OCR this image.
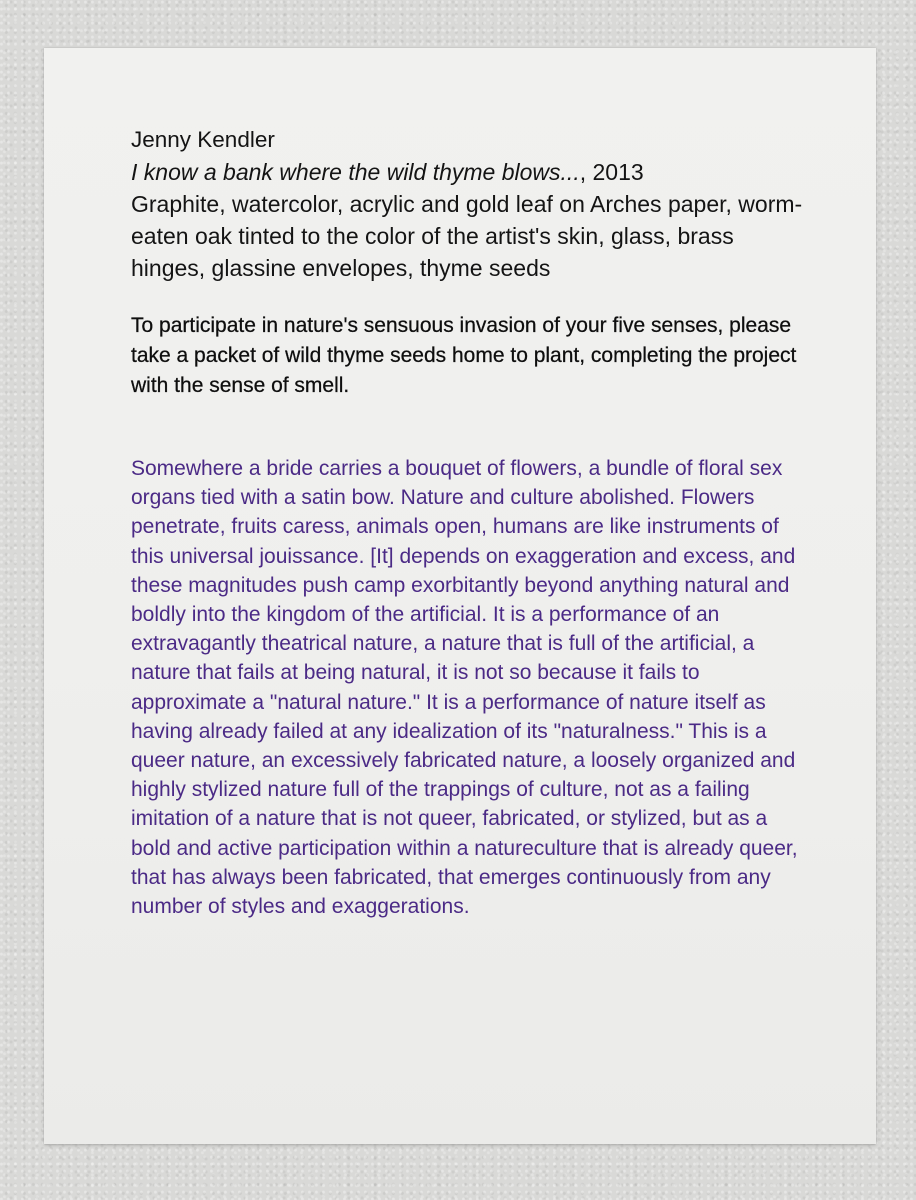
Jenny Kendler

I know a bank where the wild thyme blows..., 2013
Graphite, watercolor, acrylic and gold leaf on Arches paper, worm-eaten oak tinted to the color of the artist's skin, glass, brass hinges, glassine envelopes, thyme seeds

To participate in nature's sensuous invasion of your five senses, please take a packet of wild thyme seeds home to plant, completing the project with the sense of smell.

Somewhere a bride carries a bouquet of flowers, a bundle of floral sex organs tied with a satin bow. Nature and culture abolished. Flowers penetrate, fruits caress, animals open, humans are like instruments of this universal jouissance. [It] depends on exaggeration and excess, and these magnitudes push camp exorbitantly beyond anything natural and boldly into the kingdom of the artificial. It is a performance of an extravagantly theatrical nature, a nature that is full of the artificial, a nature that fails at being natural, it is not so because it fails to approximate a "natural nature." It is a performance of nature itself as having already failed at any idealization of its "naturalness." This is a queer nature, an excessively fabricated nature, a loosely organized and highly stylized nature full of the trappings of culture, not as a failing imitation of a nature that is not queer, fabricated, or stylized, but as a bold and active participation within a natureculture that is already queer, that has always been fabricated, that emerges continuously from any number of styles and exaggerations.
